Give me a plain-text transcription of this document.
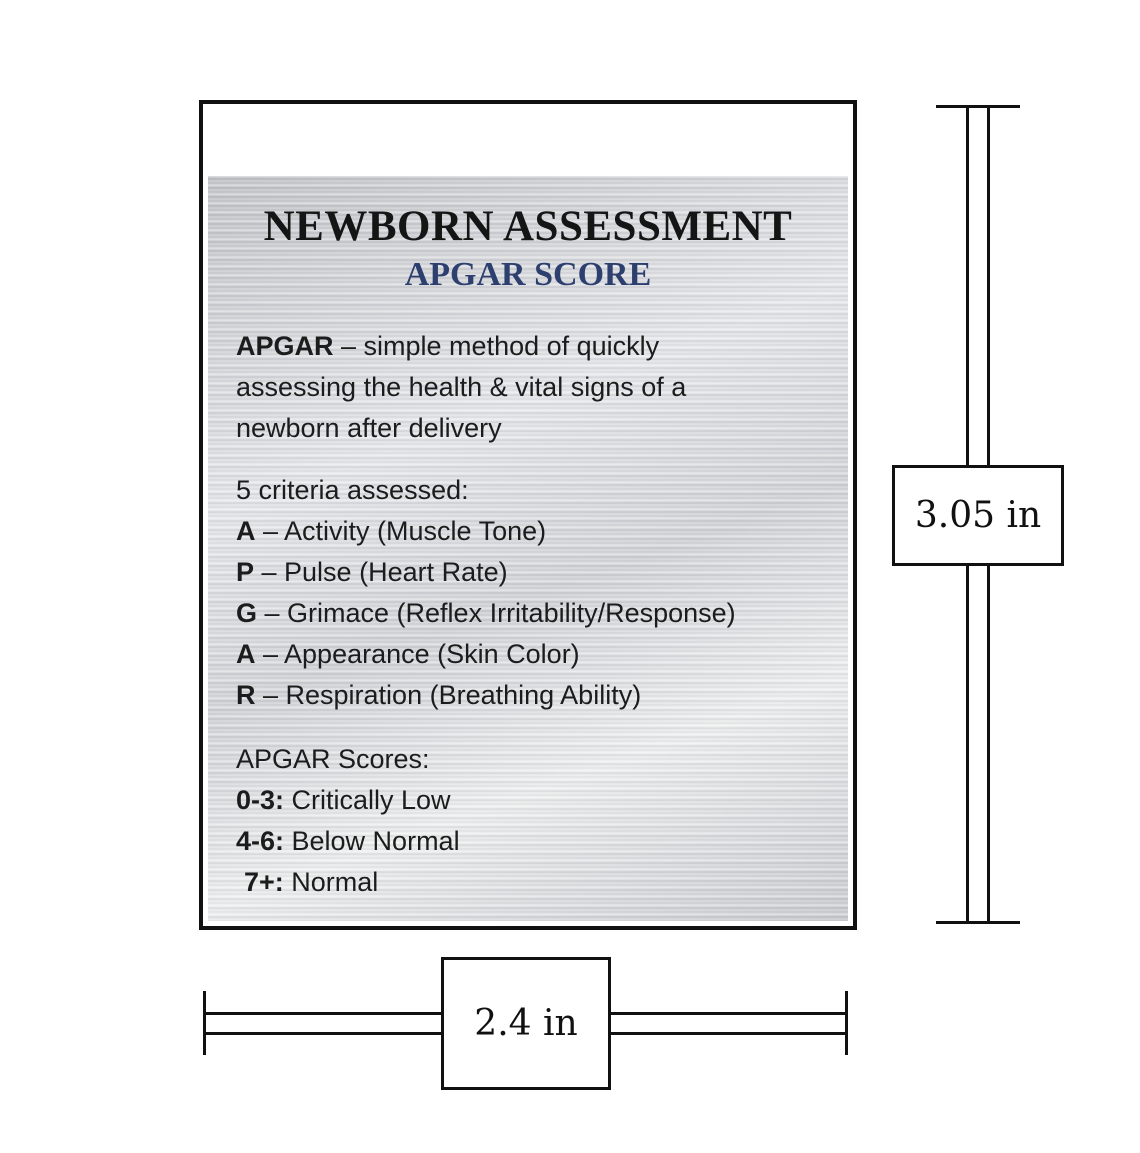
NEWBORN ASSESSMENT
APGAR SCORE
APGAR – simple method of quickly
assessing the health & vital signs of a
newborn after delivery
5 criteria assessed:
A – Activity (Muscle Tone)
P – Pulse (Heart Rate)
G – Grimace (Reflex Irritability/Response)
A – Appearance (Skin Color)
R – Respiration (Breathing Ability)
APGAR Scores:
0-3: Critically Low
4-6: Below Normal
7+: Normal
3.05 in
2.4 in
